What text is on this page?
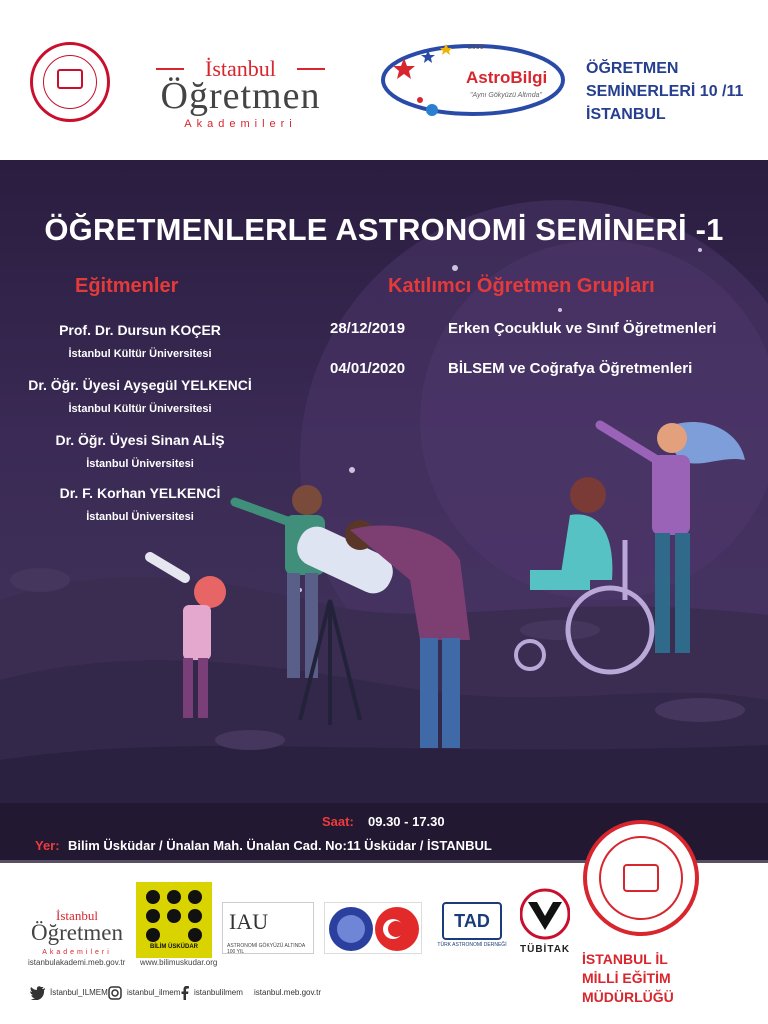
İstanbul
Öğretmen
Akademileri
2006
AstroBilgi
"Aynı Gökyüzü Altında"
ÖĞRETMEN
SEMİNERLERİ 10 /11
İSTANBUL
ÖĞRETMENLERLE ASTRONOMİ SEMİNERİ -1
Eğitmenler	Katılımcı Öğretmen Grupları
Prof. Dr. Dursun KOÇER
İstanbul Kültür Üniversitesi
Dr. Öğr. Üyesi Ayşegül YELKENCİ
İstanbul Kültür Üniversitesi
Dr. Öğr. Üyesi Sinan ALİŞ
İstanbul Üniversitesi
Dr. F. Korhan YELKENCİ
İstanbul Üniversitesi
28/12/2019	Erken Çocukluk ve Sınıf Öğretmenleri
04/01/2020	BİLSEM ve Coğrafya Öğretmenleri
Saat: 09.30 - 17.30
Yer: Bilim Üsküdar / Ünalan Mah. Ünalan Cad. No:11 Üsküdar / İSTANBUL
İstanbul
Öğretmen
Akademileri
istanbulakademi.meb.gov.tr
BİLİM ÜSKÜDAR
www.bilimuskudar.org
IAU
ASTRONOMİ GÖKYÜZÜ ALTINDA 100 YIL
TAD
TÜRK ASTRONOMİ DERNEĞİ TÜBİTAK
İstanbul_ILMEM istanbul_ilmem istanbulilmem istanbul.meb.gov.tr
İSTANBUL İL
MİLLİ EĞİTİM
MÜDÜRLÜĞÜ
